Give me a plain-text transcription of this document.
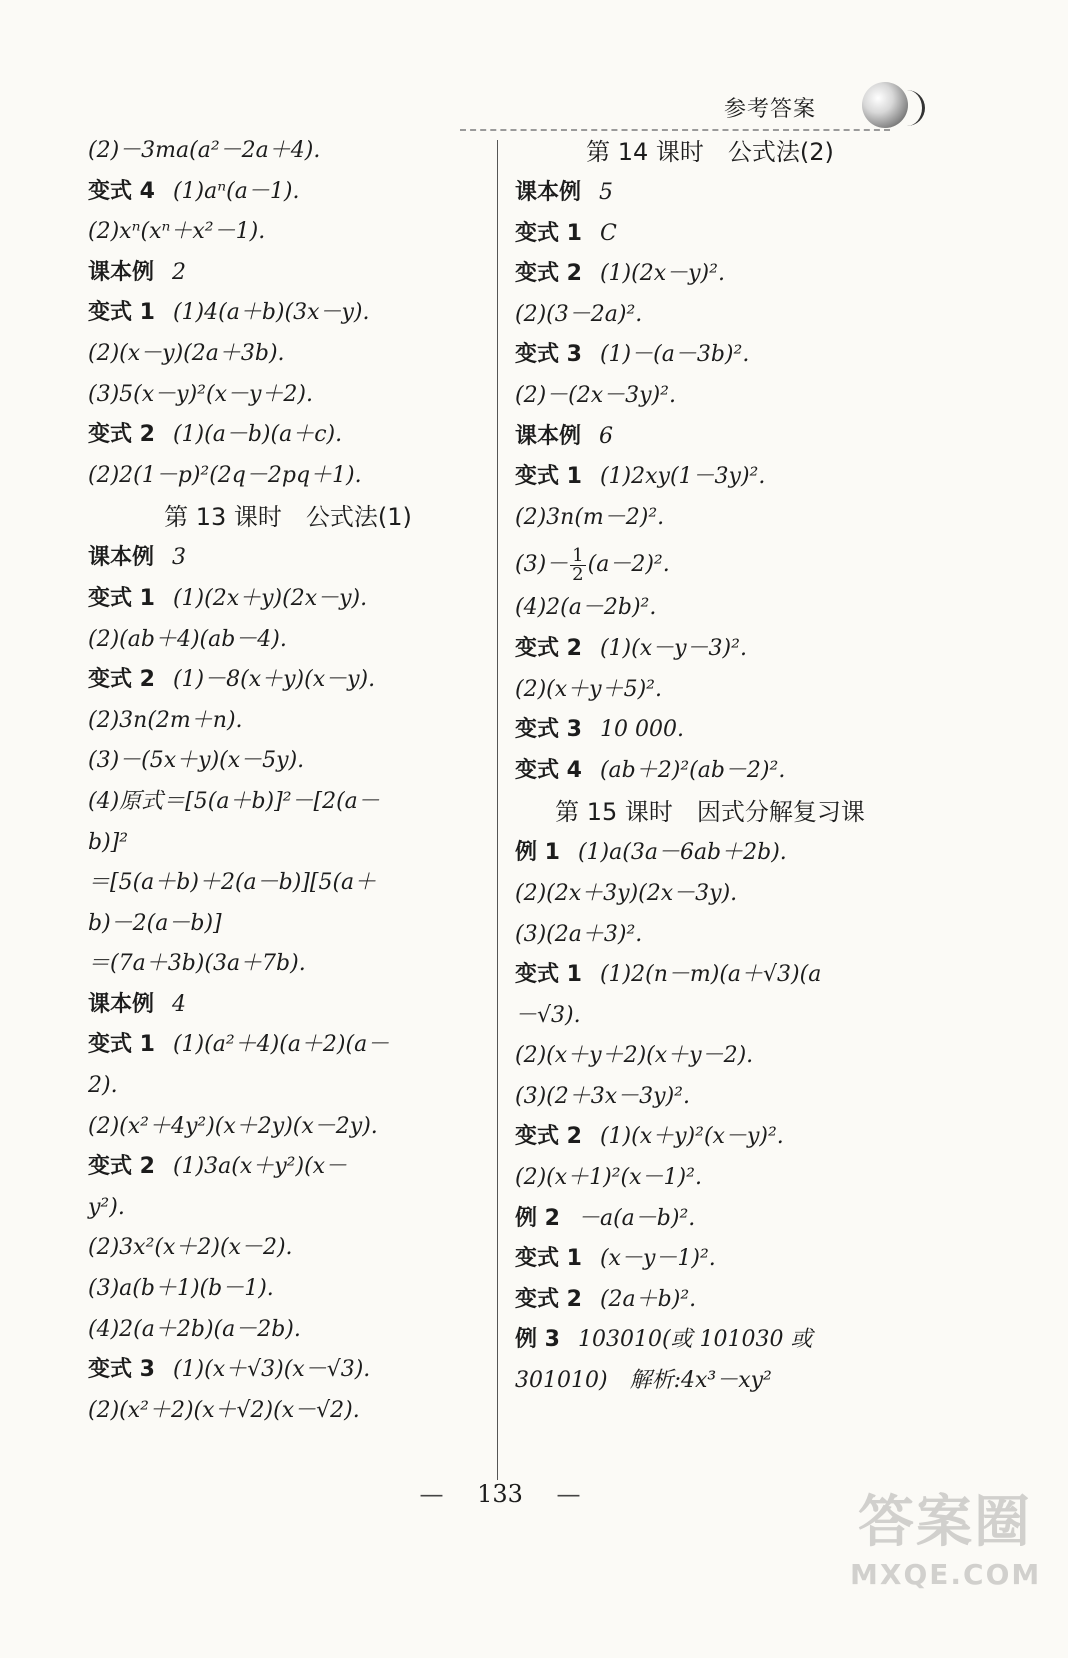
参考答案
(2)－3ma(a²－2a＋4).
变式 4 (1)aⁿ(a－1).
(2)xⁿ(xⁿ＋x²－1).
课本例 2
变式 1 (1)4(a＋b)(3x－y).
(2)(x－y)(2a＋3b).
(3)5(x－y)²(x－y＋2).
变式 2 (1)(a－b)(a＋c).
(2)2(1－p)²(2q－2pq＋1).
第 13 课时　公式法(1)
课本例 3
变式 1 (1)(2x＋y)(2x－y).
(2)(ab＋4)(ab－4).
变式 2 (1)－8(x＋y)(x－y).
(2)3n(2m＋n).
(3)－(5x＋y)(x－5y).
(4)原式＝[5(a＋b)]²－[2(a－
b)]²
＝[5(a＋b)＋2(a－b)][5(a＋
b)－2(a－b)]
＝(7a＋3b)(3a＋7b).
课本例 4
变式 1 (1)(a²＋4)(a＋2)(a－
2).
(2)(x²＋4y²)(x＋2y)(x－2y).
变式 2 (1)3a(x＋y²)(x－
y²).
(2)3x²(x＋2)(x－2).
(3)a(b＋1)(b－1).
(4)2(a＋2b)(a－2b).
变式 3 (1)(x＋√3)(x－√3).
(2)(x²＋2)(x＋√2)(x－√2).
第 14 课时　公式法(2)
课本例 5
变式 1 C
变式 2 (1)(2x－y)².
(2)(3－2a)².
变式 3 (1)－(a－3b)².
(2)－(2x－3y)².
课本例 6
变式 1 (1)2xy(1－3y)².
(2)3n(m－2)².
$(3)- \frac{1}{2} (a-2)^2$.
(4)2(a－2b)².
变式 2 (1)(x－y－3)².
(2)(x＋y＋5)².
变式 3 10 000.
变式 4 (ab＋2)²(ab－2)².
第 15 课时　因式分解复习课
例 1 (1)a(3a－6ab＋2b).
(2)(2x＋3y)(2x－3y).
(3)(2a＋3)².
变式 1 (1)2(n－m)(a＋√3)(a
－√3).
(2)(x＋y＋2)(x＋y－2).
(3)(2＋3x－3y)².
变式 2 (1)(x＋y)²(x－y)².
(2)(x＋1)²(x－1)².
例 2 －a(a－b)².
变式 1 (x－y－1)².
变式 2 (2a＋b)².
例 3 103010(或 101030 或
301010)　解析:4x³－xy²
— 133 —	答案圈
MXQE.COM
